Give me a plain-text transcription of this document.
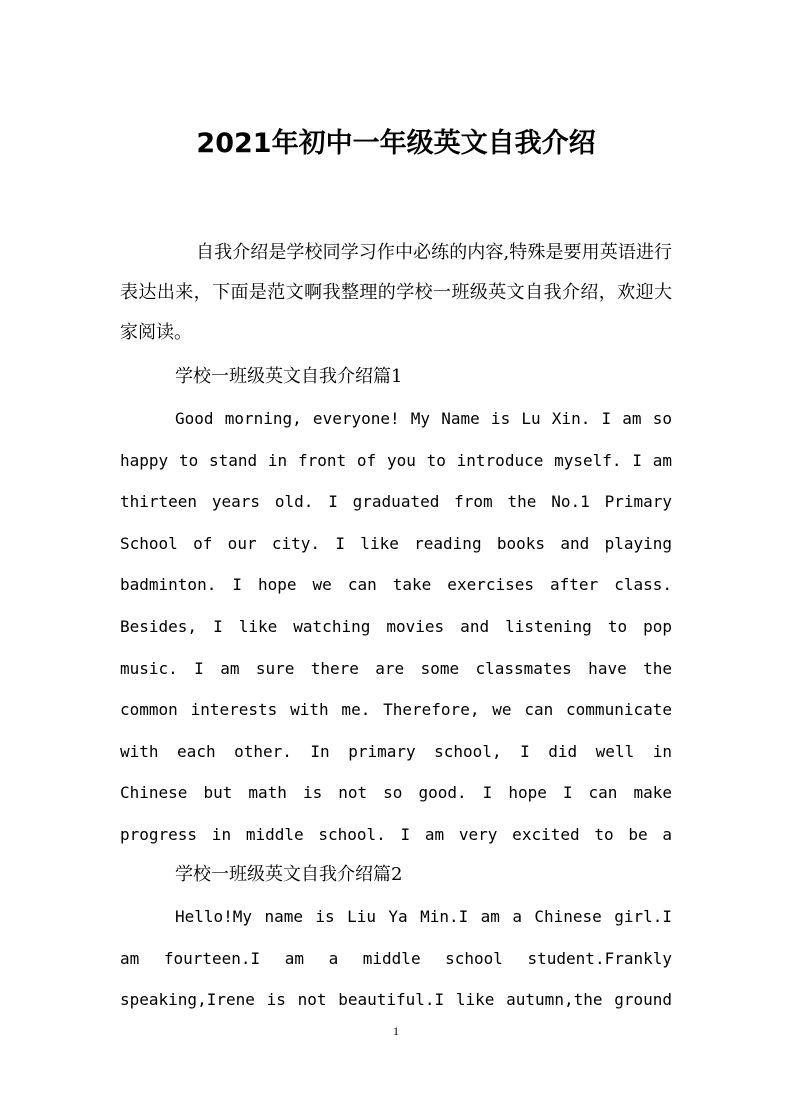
2021年初中一年级英文自我介绍
自我介绍是学校同学习作中必练的内容,特殊是要用英语进行表达出来，下面是范文啊我整理的学校一班级英文自我介绍，欢迎大家阅读。
学校一班级英文自我介绍篇1
Good morning, everyone! My Name is Lu Xin. I am so happy to stand in front of you to introduce myself. I am thirteen years old. I graduated from the No.1 Primary School of our city. I like reading books and playing badminton. I hope we can take exercises after class. Besides, I like watching movies and listening to pop music. I am sure there are some classmates have the common interests with me. Therefore, we can communicate with each other. In primary school, I did well in Chinese but math is not so good. I hope I can make progress in middle school. I am very excited to be a
学校一班级英文自我介绍篇2
Hello!My name is Liu Ya Min.I am a Chinese girl.I am fourteen.I am a middle school student.Frankly speaking,Irene is not beautiful.I like autumn,the ground
1
